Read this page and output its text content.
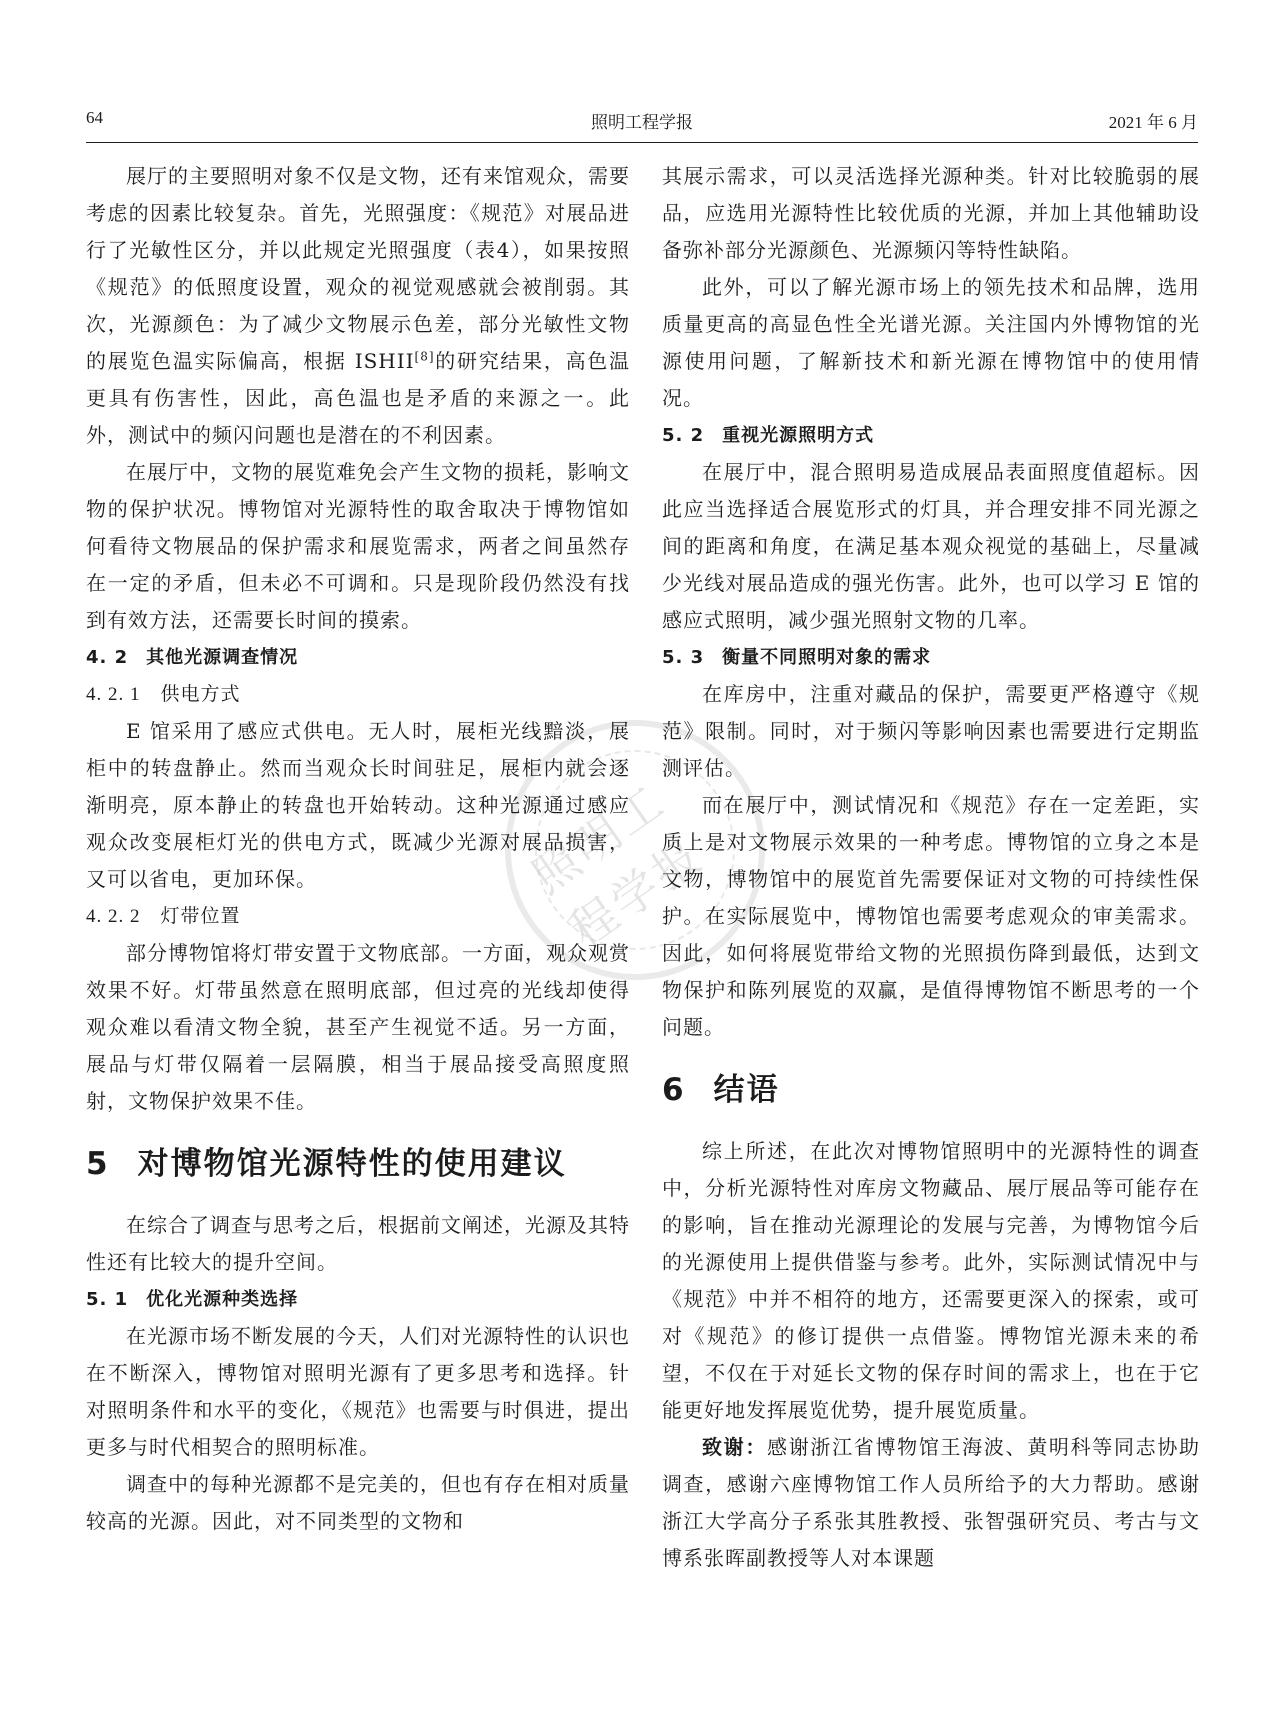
64	照明工程学报	2021 年 6 月
照明工程学报

展厅的主要照明对象不仅是文物，还有来馆观众，需要考虑的因素比较复杂。首先，光照强度：《规范》对展品进行了光敏性区分，并以此规定光照强度（表4），如果按照《规范》的低照度设置，观众的视觉观感就会被削弱。其次，光源颜色：为了减少文物展示色差，部分光敏性文物的展览色温实际偏高，根据 ISHII[8]的研究结果，高色温更具有伤害性，因此，高色温也是矛盾的来源之一。此外，测试中的频闪问题也是潜在的不利因素。

在展厅中，文物的展览难免会产生文物的损耗，影响文物的保护状况。博物馆对光源特性的取舍取决于博物馆如何看待文物展品的保护需求和展览需求，两者之间虽然存在一定的矛盾，但未必不可调和。只是现阶段仍然没有找到有效方法，还需要长时间的摸索。

4. 2 其他光源调查情况
4. 2. 1 供电方式

E 馆采用了感应式供电。无人时，展柜光线黯淡，展柜中的转盘静止。然而当观众长时间驻足，展柜内就会逐渐明亮，原本静止的转盘也开始转动。这种光源通过感应观众改变展柜灯光的供电方式，既减少光源对展品损害，又可以省电，更加环保。

4. 2. 2 灯带位置

部分博物馆将灯带安置于文物底部。一方面，观众观赏效果不好。灯带虽然意在照明底部，但过亮的光线却使得观众难以看清文物全貌，甚至产生视觉不适。另一方面，展品与灯带仅隔着一层隔膜，相当于展品接受高照度照射，文物保护效果不佳。

5 对博物馆光源特性的使用建议

在综合了调查与思考之后，根据前文阐述，光源及其特性还有比较大的提升空间。

5. 1 优化光源种类选择

在光源市场不断发展的今天，人们对光源特性的认识也在不断深入，博物馆对照明光源有了更多思考和选择。针对照明条件和水平的变化，《规范》也需要与时俱进，提出更多与时代相契合的照明标准。

调查中的每种光源都不是完美的，但也有存在相对质量较高的光源。因此，对不同类型的文物和

其展示需求，可以灵活选择光源种类。针对比较脆弱的展品，应选用光源特性比较优质的光源，并加上其他辅助设备弥补部分光源颜色、光源频闪等特性缺陷。

此外，可以了解光源市场上的领先技术和品牌，选用质量更高的高显色性全光谱光源。关注国内外博物馆的光源使用问题，了解新技术和新光源在博物馆中的使用情况。

5. 2 重视光源照明方式

在展厅中，混合照明易造成展品表面照度值超标。因此应当选择适合展览形式的灯具，并合理安排不同光源之间的距离和角度，在满足基本观众视觉的基础上，尽量减少光线对展品造成的强光伤害。此外，也可以学习 E 馆的感应式照明，减少强光照射文物的几率。

5. 3 衡量不同照明对象的需求

在库房中，注重对藏品的保护，需要更严格遵守《规范》限制。同时，对于频闪等影响因素也需要进行定期监测评估。

而在展厅中，测试情况和《规范》存在一定差距，实质上是对文物展示效果的一种考虑。博物馆的立身之本是文物，博物馆中的展览首先需要保证对文物的可持续性保护。在实际展览中，博物馆也需要考虑观众的审美需求。因此，如何将展览带给文物的光照损伤降到最低，达到文物保护和陈列展览的双赢，是值得博物馆不断思考的一个问题。

6 结语

综上所述，在此次对博物馆照明中的光源特性的调查中，分析光源特性对库房文物藏品、展厅展品等可能存在的影响，旨在推动光源理论的发展与完善，为博物馆今后的光源使用上提供借鉴与参考。此外，实际测试情况中与《规范》中并不相符的地方，还需要更深入的探索，或可对《规范》的修订提供一点借鉴。博物馆光源未来的希望，不仅在于对延长文物的保存时间的需求上，也在于它能更好地发挥展览优势，提升展览质量。

致谢：感谢浙江省博物馆王海波、黄明科等同志协助调查，感谢六座博物馆工作人员所给予的大力帮助。感谢浙江大学高分子系张其胜教授、张智强研究员、考古与文博系张晖副教授等人对本课题
